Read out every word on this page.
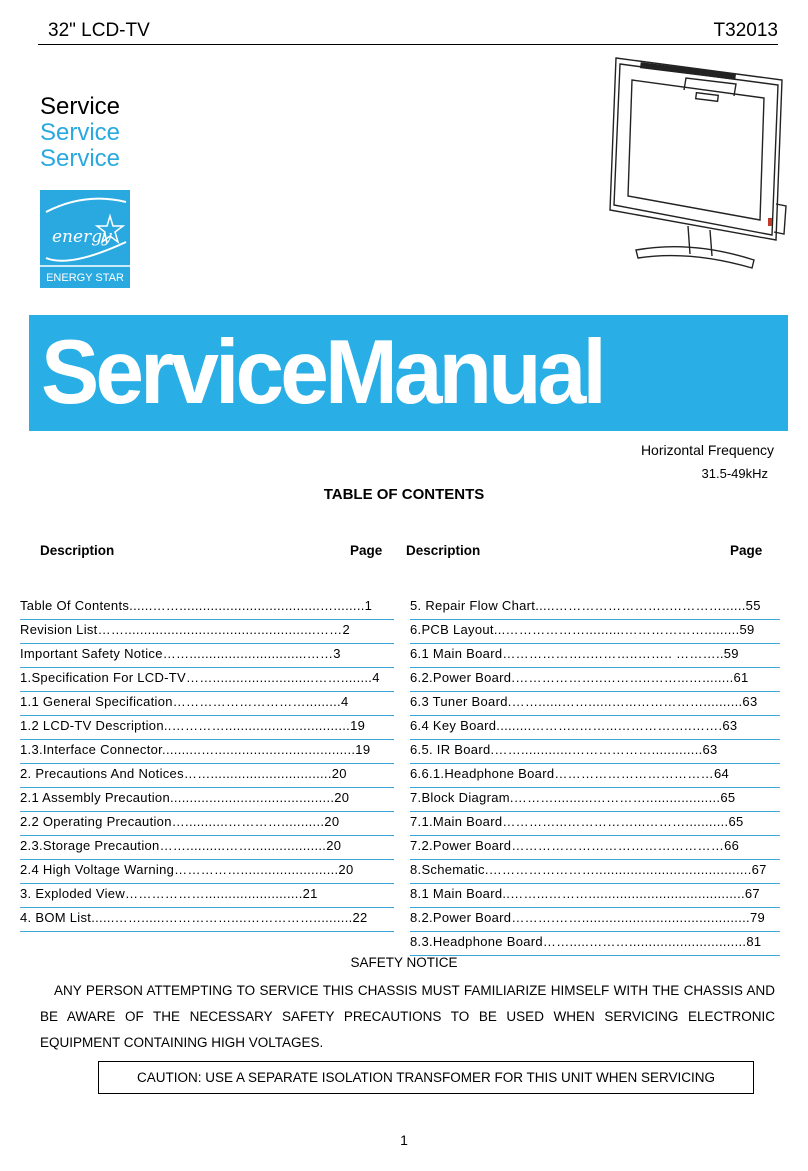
32" LCD-TV	T32013
Service
Service
Service
energy
ENERGY STAR
ServiceManual
Horizontal Frequency
31.5-49kHz
TABLE OF CONTENTS
Description	Page Description	Page
Table Of Contents......……....................................…........1
Revision List…….................................................……2
Important Safety Notice……..............................……3
1.Specification For LCD-TV……..........................……........4
1.1 General Specification………………………….........4
1.2 LCD-TV Description..…………................................19
1.3.Interface Connector..........…....................................19
2. Precautions And Notices……...............................20
2.1 Assembly Precaution..........................................20
2.2 Operating Precaution…...........…………...........20
2.3.Storage Precaution……..........……...................20
2.4 High Voltage Warning…………….........................20
3. Exploded View……………….........................21
4. BOM List......……......……………....……………..........22
5. Repair Flow Chart.....……………………..…………......55
6.PCB Layout...………………..........……………….........59
6.1 Main Board………………..………..…….. ………..59
6.2.Power Board.………………..………..……...…........61
6.3 Tuner Board.……......……......…...……………..........63
6.4 Key Board.........………..……...……………..…….63
6.5. IR Board.…….............……………….............63
6.6.1.Headphone Board………………………………64
7.Block Diagram.………..........…………...................65
7.1.Main Board…………...……………...………...........65
7.2.Power Board…………………………………………66
8.Schematic.……………………........................................67
8.1 Main Board..……...………........................................67
8.2.Power Board……….……...........................................79
8.3.Headphone Board…….....………..............................81
SAFETY NOTICE
ANY PERSON ATTEMPTING TO SERVICE THIS CHASSIS MUST FAMILIARIZE HIMSELF WITH THE CHASSIS AND BE AWARE OF THE NECESSARY SAFETY PRECAUTIONS TO BE USED WHEN SERVICING ELECTRONIC EQUIPMENT CONTAINING HIGH VOLTAGES.
CAUTION: USE A SEPARATE ISOLATION TRANSFOMER FOR THIS UNIT WHEN SERVICING
1
